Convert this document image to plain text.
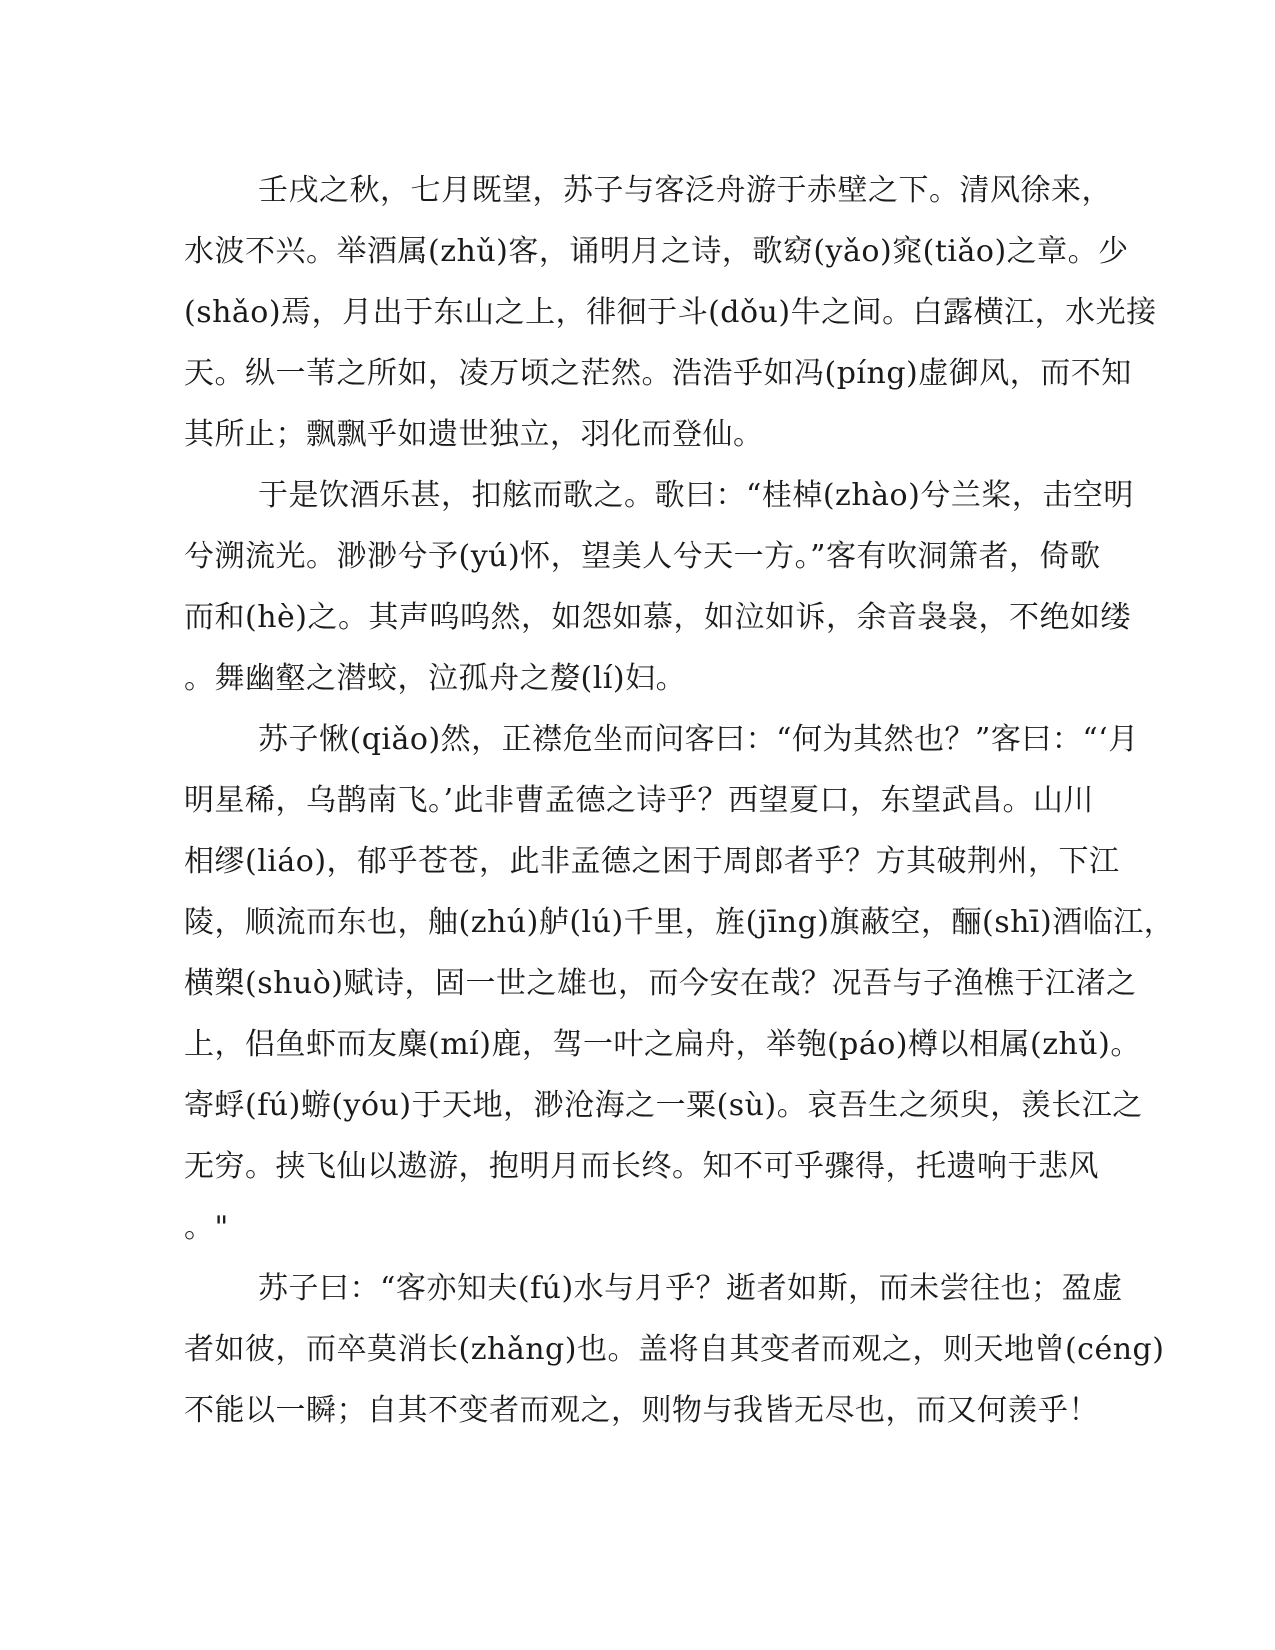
壬戌之秋，七月既望，苏子与客泛舟游于赤壁之下。清风徐来，
水波不兴。举酒属(zhǔ)客，诵明月之诗，歌窈(yǎo)窕(tiǎo)之章。少
(shǎo)焉，月出于东山之上，徘徊于斗(dǒu)牛之间。白露横江，水光接
天。纵一苇之所如，凌万顷之茫然。浩浩乎如冯(píng)虚御风，而不知
其所止；飘飘乎如遗世独立，羽化而登仙。
于是饮酒乐甚，扣舷而歌之。歌曰：“桂棹(zhào)兮兰桨，击空明
兮溯流光。渺渺兮予(yú)怀，望美人兮天一方。”客有吹洞箫者，倚歌
而和(hè)之。其声呜呜然，如怨如慕，如泣如诉，余音袅袅，不绝如缕
。舞幽壑之潜蛟，泣孤舟之嫠(lí)妇。
苏子愀(qiǎo)然，正襟危坐而问客曰：“何为其然也？”客曰：“‘月
明星稀，乌鹊南飞。’此非曹孟德之诗乎？西望夏口，东望武昌。山川
相缪(liáo)，郁乎苍苍，此非孟德之困于周郎者乎？方其破荆州，下江
陵，顺流而东也，舳(zhú)舻(lú)千里，旌(jīng)旗蔽空，酾(shī)酒临江，
横槊(shuò)赋诗，固一世之雄也，而今安在哉？况吾与子渔樵于江渚之
上，侣鱼虾而友麋(mí)鹿，驾一叶之扁舟，举匏(páo)樽以相属(zhǔ)。
寄蜉(fú)蝣(yóu)于天地，渺沧海之一粟(sù)。哀吾生之须臾，羡长江之
无穷。挟飞仙以遨游，抱明月而长终。知不可乎骤得，托遗响于悲风
。"
苏子曰：“客亦知夫(fú)水与月乎？逝者如斯，而未尝往也；盈虚
者如彼，而卒莫消长(zhǎng)也。盖将自其变者而观之，则天地曾(céng)
不能以一瞬；自其不变者而观之，则物与我皆无尽也，而又何羡乎！
